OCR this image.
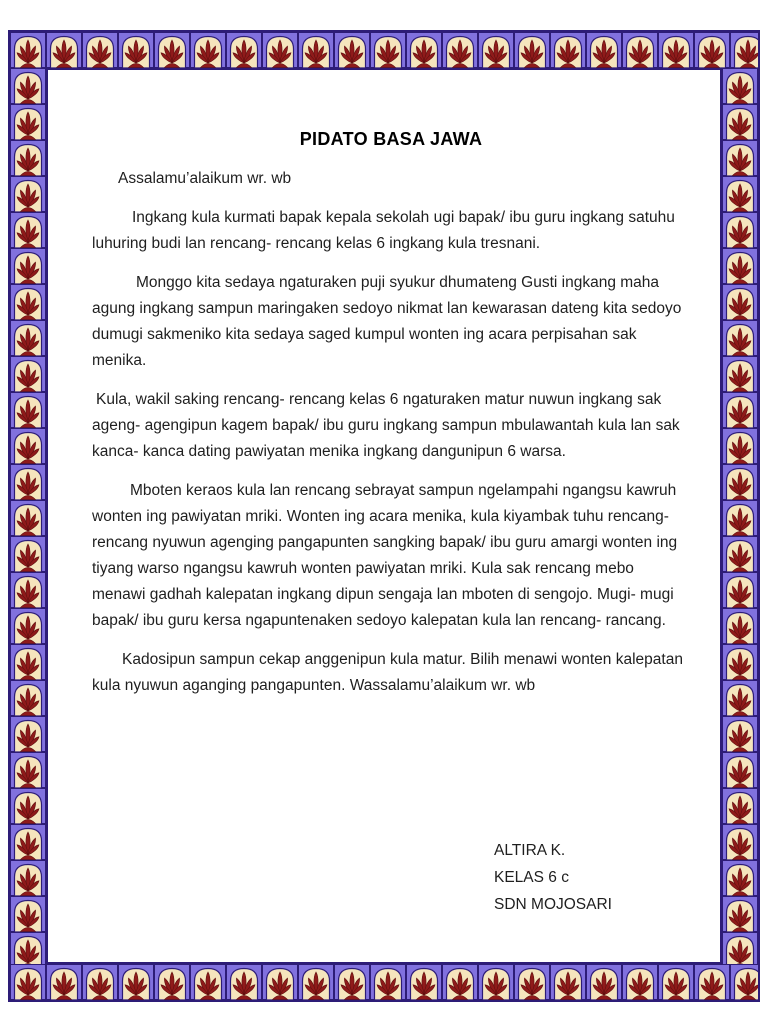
PIDATO BASA JAWA

Assalamu’alaikum wr. wb

Ingkang kula kurmati bapak kepala sekolah ugi bapak/ ibu guru ingkang satuhu luhuring budi lan rencang- rencang kelas 6 ingkang kula tresnani.

Monggo kita sedaya ngaturaken puji syukur dhumateng Gusti ingkang maha agung ingkang sampun maringaken sedoyo nikmat lan kewarasan dateng kita sedoyo dumugi sakmeniko kita sedaya saged kumpul wonten ing acara perpisahan sak menika.

Kula, wakil saking rencang- rencang kelas 6 ngaturaken matur nuwun ingkang sak ageng- agengipun kagem bapak/ ibu guru ingkang sampun mbulawantah kula lan sak kanca- kanca dating pawiyatan menika ingkang dangunipun 6 warsa.

Mboten keraos kula lan rencang sebrayat sampun ngelampahi ngangsu kawruh wonten ing pawiyatan mriki. Wonten ing acara menika, kula kiyambak tuhu rencang- rencang nyuwun agenging pangapunten sangking bapak/ ibu guru amargi wonten ing tiyang warso ngangsu kawruh wonten pawiyatan mriki. Kula sak rencang mebo menawi gadhah kalepatan ingkang dipun sengaja lan mboten di sengojo. Mugi- mugi bapak/ ibu guru kersa ngapuntenaken sedoyo kalepatan kula lan rencang- rancang.

Kadosipun sampun cekap anggenipun kula matur. Bilih menawi wonten kalepatan kula nyuwun aganging pangapunten. Wassalamu’alaikum wr. wb

ALTIRA K.
KELAS 6 c
SDN MOJOSARI
